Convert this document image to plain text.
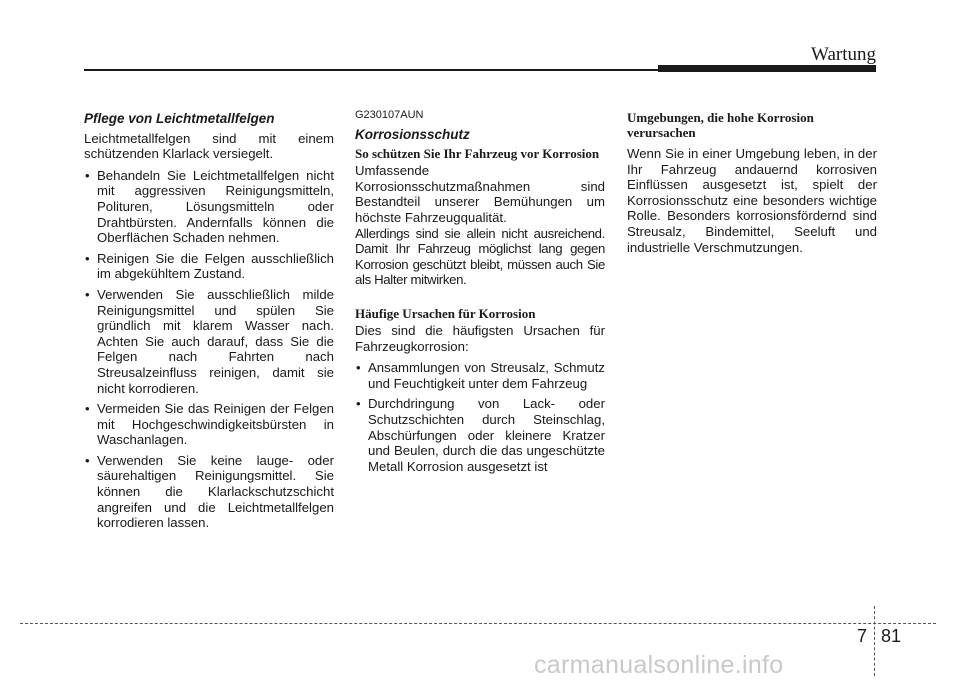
Wartung
Pflege von Leichtmetallfelgen

Leichtmetallfelgen sind mit einem schützenden Klarlack versiegelt.

• Behandeln Sie Leichtmetallfelgen nicht mit aggressiven Reinigungsmitteln, Polituren, Lösungsmitteln oder Drahtbürsten. Andernfalls können die Oberflächen Schaden nehmen.
• Reinigen Sie die Felgen ausschließlich im abgekühltem Zustand.
• Verwenden Sie ausschließlich milde Reinigungsmittel und spülen Sie gründlich mit klarem Wasser nach. Achten Sie auch darauf, dass Sie die Felgen nach Fahrten nach Streusalzeinfluss reinigen, damit sie nicht korrodieren.
• Vermeiden Sie das Reinigen der Felgen mit Hochgeschwindigkeitsbürsten in Waschanlagen.
• Verwenden Sie keine lauge- oder säurehaltigen Reinigungsmittel. Sie können die Klarlackschutzschicht angreifen und die Leichtmetallfelgen korrodieren lassen.
G230107AUN
Korrosionsschutz
So schützen Sie Ihr Fahrzeug vor Korrosion

Umfassende Korrosionsschutzmaßnahmen sind Bestandteil unserer Bemühungen um höchste Fahrzeugqualität.

Allerdings sind sie allein nicht ausreichend. Damit Ihr Fahrzeug möglichst lang gegen Korrosion geschützt bleibt, müssen auch Sie als Halter mitwirken.

Häufige Ursachen für Korrosion

Dies sind die häufigsten Ursachen für Fahrzeugkorrosion:

• Ansammlungen von Streusalz, Schmutz und Feuchtigkeit unter dem Fahrzeug
• Durchdringung von Lack- oder Schutzschichten durch Steinschlag, Abschürfungen oder kleinere Kratzer und Beulen, durch die das ungeschützte Metall Korrosion ausgesetzt ist
Umgebungen, die hohe Korrosion verursachen

Wenn Sie in einer Umgebung leben, in der Ihr Fahrzeug andauernd korrosiven Einflüssen ausgesetzt ist, spielt der Korrosionsschutz eine besonders wichtige Rolle. Besonders korrosionsfördernd sind Streusalz, Bindemittel, Seeluft und industrielle Verschmutzungen.

7 81
carmanualsonline.info
